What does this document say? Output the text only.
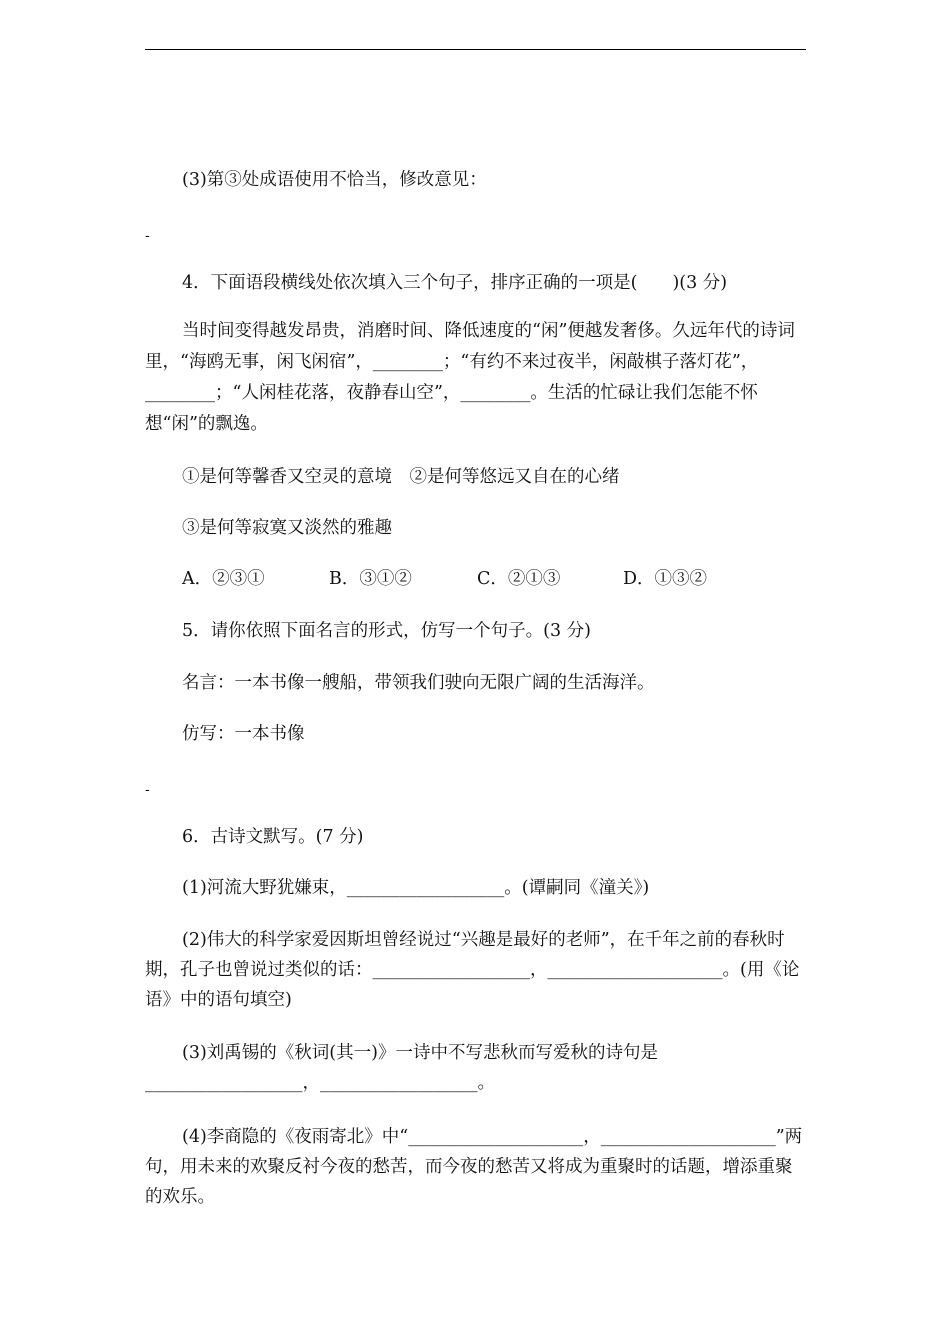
(3)第③处成语使用不恰当，修改意见：

-

4．下面语段横线处依次填入三个句子，排序正确的一项是(　　)(3 分)

当时间变得越发昂贵，消磨时间、降低速度的“闲”便越发奢侈。久远年代的诗词里，“海鸥无事，闲飞闲宿”，________；“有约不来过夜半，闲敲棋子落灯花”，________；“人闲桂花落，夜静春山空”，________。生活的忙碌让我们怎能不怀想“闲”的飘逸。

①是何等馨香又空灵的意境　②是何等悠远又自在的心绪

③是何等寂寞又淡然的雅趣

A．②③①	B．③①②	C．②①③	D．①③②

5．请你依照下面名言的形式，仿写一个句子。(3 分)

名言：一本书像一艘船，带领我们驶向无限广阔的生活海洋。

仿写：一本书像

-

6．古诗文默写。(7 分)

(1)河流大野犹嫌束，__________________。(谭嗣同《潼关》)

(2)伟大的科学家爱因斯坦曾经说过“兴趣是最好的老师”，在千年之前的春秋时期，孔子也曾说过类似的话：__________________，____________________。(用《论语》中的语句填空)

(3)刘禹锡的《秋词(其一)》一诗中不写悲秋而写爱秋的诗句是__________________，__________________。

(4)李商隐的《夜雨寄北》中“____________________，____________________”两句，用未来的欢聚反衬今夜的愁苦，而今夜的愁苦又将成为重聚时的话题，增添重聚的欢乐。
